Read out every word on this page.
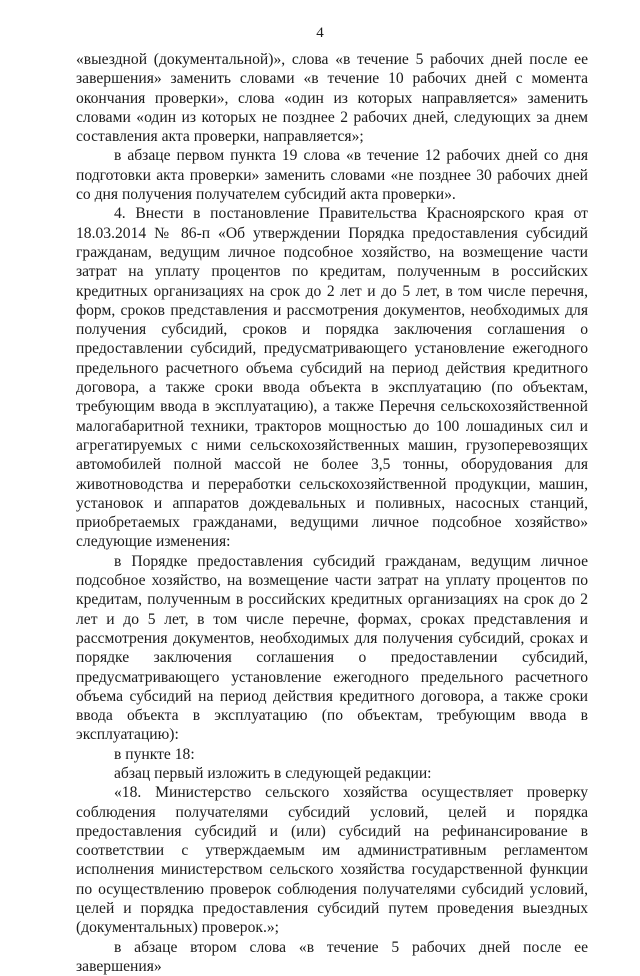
4

«выездной (документальной)», слова «в течение 5 рабочих дней после ее завершения» заменить словами «в течение 10 рабочих дней с момента окончания проверки», слова «один из которых направляется» заменить словами «один из которых не позднее 2 рабочих дней, следующих за днем составления акта проверки, направляется»;

в абзаце первом пункта 19 слова «в течение 12 рабочих дней со дня подготовки акта проверки» заменить словами «не позднее 30 рабочих дней со дня получения получателем субсидий акта проверки».

4. Внести в постановление Правительства Красноярского края от 18.03.2014 № 86-п «Об утверждении Порядка предоставления субсидий гражданам, ведущим личное подсобное хозяйство, на возмещение части затрат на уплату процентов по кредитам, полученным в российских кредитных организациях на срок до 2 лет и до 5 лет, в том числе перечня, форм, сроков представления и рассмотрения документов, необходимых для получения субсидий, сроков и порядка заключения соглашения о предоставлении субсидий, предусматривающего установление ежегодного предельного расчетного объема субсидий на период действия кредитного договора, а также сроки ввода объекта в эксплуатацию (по объектам, требующим ввода в эксплуатацию), а также Перечня сельскохозяйственной малогабаритной техники, тракторов мощностью до 100 лошадиных сил и агрегатируемых с ними сельскохозяйственных машин, грузоперевозящих автомобилей полной массой не более 3,5 тонны, оборудования для животноводства и переработки сельскохозяйственной продукции, машин, установок и аппаратов дождевальных и поливных, насосных станций, приобретаемых гражданами, ведущими личное подсобное хозяйство» следующие изменения:

в Порядке предоставления субсидий гражданам, ведущим личное подсобное хозяйство, на возмещение части затрат на уплату процентов по кредитам, полученным в российских кредитных организациях на срок до 2 лет и до 5 лет, в том числе перечне, формах, сроках представления и рассмотрения документов, необходимых для получения субсидий, сроках и порядке заключения соглашения о предоставлении субсидий, предусматривающего установление ежегодного предельного расчетного объема субсидий на период действия кредитного договора, а также сроки ввода объекта в эксплуатацию (по объектам, требующим ввода в эксплуатацию):

в пункте 18:

абзац первый изложить в следующей редакции:

«18. Министерство сельского хозяйства осуществляет проверку соблюдения получателями субсидий условий, целей и порядка предоставления субсидий и (или) субсидий на рефинансирование в соответствии с утверждаемым им административным регламентом исполнения министерством сельского хозяйства государственной функции по осуществлению проверок соблюдения получателями субсидий условий, целей и порядка предоставления субсидий путем проведения выездных (документальных) проверок.»;

в абзаце втором слова «в течение 5 рабочих дней после ее завершения»
